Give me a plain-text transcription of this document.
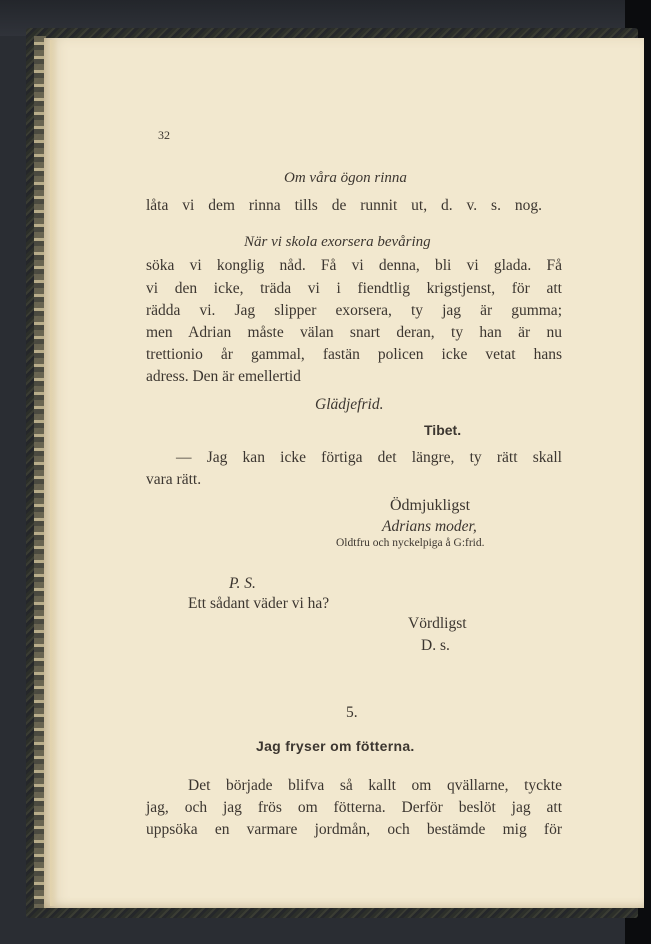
32

Om våra ögon rinna

låta vi dem rinna tills de runnit ut, d. v. s. nog.

När vi skola exorsera bevåring

söka vi konglig nåd. Få vi denna, bli vi glada. Få

vi den icke, träda vi i fiendtlig krigstjenst, för att

rädda vi. Jag slipper exorsera, ty jag är gumma;

men Adrian måste välan snart deran, ty han är nu

trettionio år gammal, fastän policen icke vetat hans

adress. Den är emellertid

Glädjefrid.

Tibet.

— Jag kan icke förtiga det längre, ty rätt skall

vara rätt.

Ödmjukligst

Adrians moder,

Oldtfru och nyckelpiga å G:frid.

P. S.

Ett sådant väder vi ha?

Vördligst

D. s.

5.

Jag fryser om fötterna.

Det började blifva så kallt om qvällarne, tyckte

jag, och jag frös om fötterna. Derför beslöt jag att

uppsöka en varmare jordmån, och bestämde mig för
